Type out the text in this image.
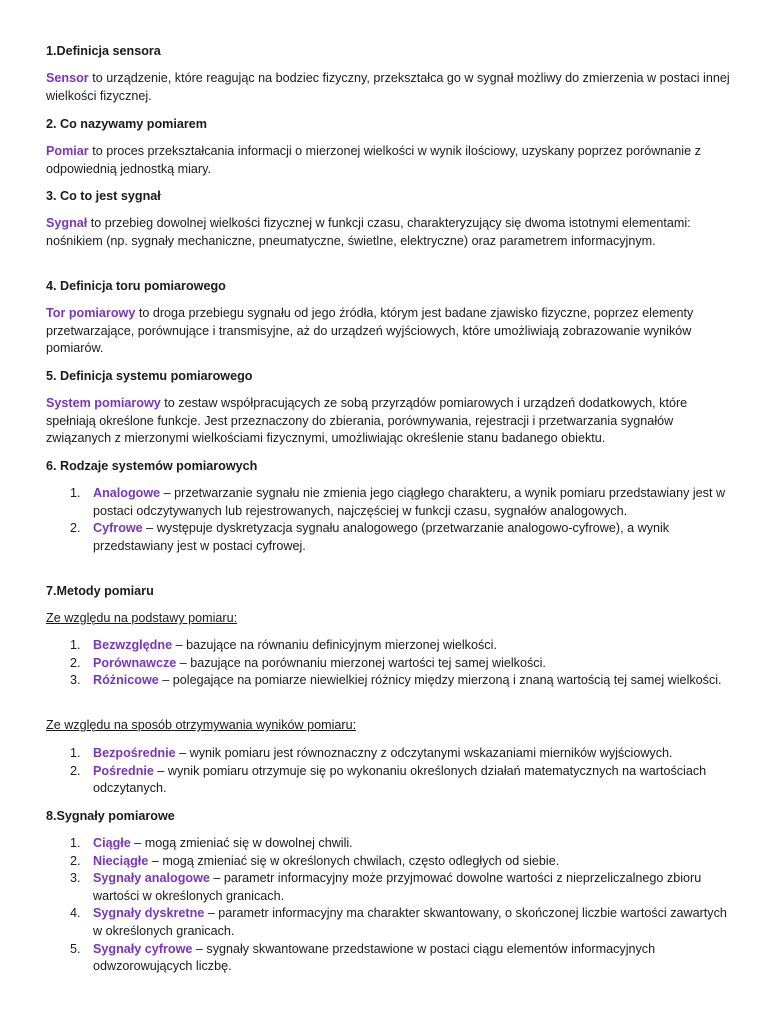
1.Definicja sensora

Sensor to urządzenie, które reagując na bodziec fizyczny, przekształca go w sygnał możliwy do zmierzenia w postaci innej wielkości fizycznej.

2. Co nazywamy pomiarem

Pomiar to proces przekształcania informacji o mierzonej wielkości w wynik ilościowy, uzyskany poprzez porównanie z odpowiednią jednostką miary.

3. Co to jest sygnał

Sygnał to przebieg dowolnej wielkości fizycznej w funkcji czasu, charakteryzujący się dwoma istotnymi elementami: nośnikiem (np. sygnały mechaniczne, pneumatyczne, świetlne, elektryczne) oraz parametrem informacyjnym.

4. Definicja toru pomiarowego

Tor pomiarowy to droga przebiegu sygnału od jego źródła, którym jest badane zjawisko fizyczne, poprzez elementy przetwarzające, porównujące i transmisyjne, aż do urządzeń wyjściowych, które umożliwiają zobrazowanie wyników pomiarów.

5. Definicja systemu pomiarowego

System pomiarowy to zestaw współpracujących ze sobą przyrządów pomiarowych i urządzeń dodatkowych, które spełniają określone funkcje. Jest przeznaczony do zbierania, porównywania, rejestracji i przetwarzania sygnałów związanych z mierzonymi wielkościami fizycznymi, umożliwiając określenie stanu badanego obiektu.

6. Rodzaje systemów pomiarowych

1. Analogowe – przetwarzanie sygnału nie zmienia jego ciągłego charakteru, a wynik pomiaru przedstawiany jest w postaci odczytywanych lub rejestrowanych, najczęściej w funkcji czasu, sygnałów analogowych.
2. Cyfrowe – występuje dyskretyzacja sygnału analogowego (przetwarzanie analogowo-cyfrowe), a wynik przedstawiany jest w postaci cyfrowej.

7.Metody pomiaru

Ze względu na podstawy pomiaru:

1. Bezwzględne – bazujące na równaniu definicyjnym mierzonej wielkości.
2. Porównawcze – bazujące na porównaniu mierzonej wartości tej samej wielkości.
3. Różnicowe – polegające na pomiarze niewielkiej różnicy między mierzoną i znaną wartością tej samej wielkości.

Ze względu na sposób otrzymywania wyników pomiaru:

1. Bezpośrednie – wynik pomiaru jest równoznaczny z odczytanymi wskazaniami mierników wyjściowych.
2. Pośrednie – wynik pomiaru otrzymuje się po wykonaniu określonych działań matematycznych na wartościach odczytanych.

8.Sygnały pomiarowe

1. Ciągłe – mogą zmieniać się w dowolnej chwili.
2. Nieciągłe – mogą zmieniać się w określonych chwilach, często odległych od siebie.
3. Sygnały analogowe – parametr informacyjny może przyjmować dowolne wartości z nieprzeliczalnego zbioru wartości w określonych granicach.
4. Sygnały dyskretne – parametr informacyjny ma charakter skwantowany, o skończonej liczbie wartości zawartych w określonych granicach.
5. Sygnały cyfrowe – sygnały skwantowane przedstawione w postaci ciągu elementów informacyjnych odwzorowujących liczbę.
